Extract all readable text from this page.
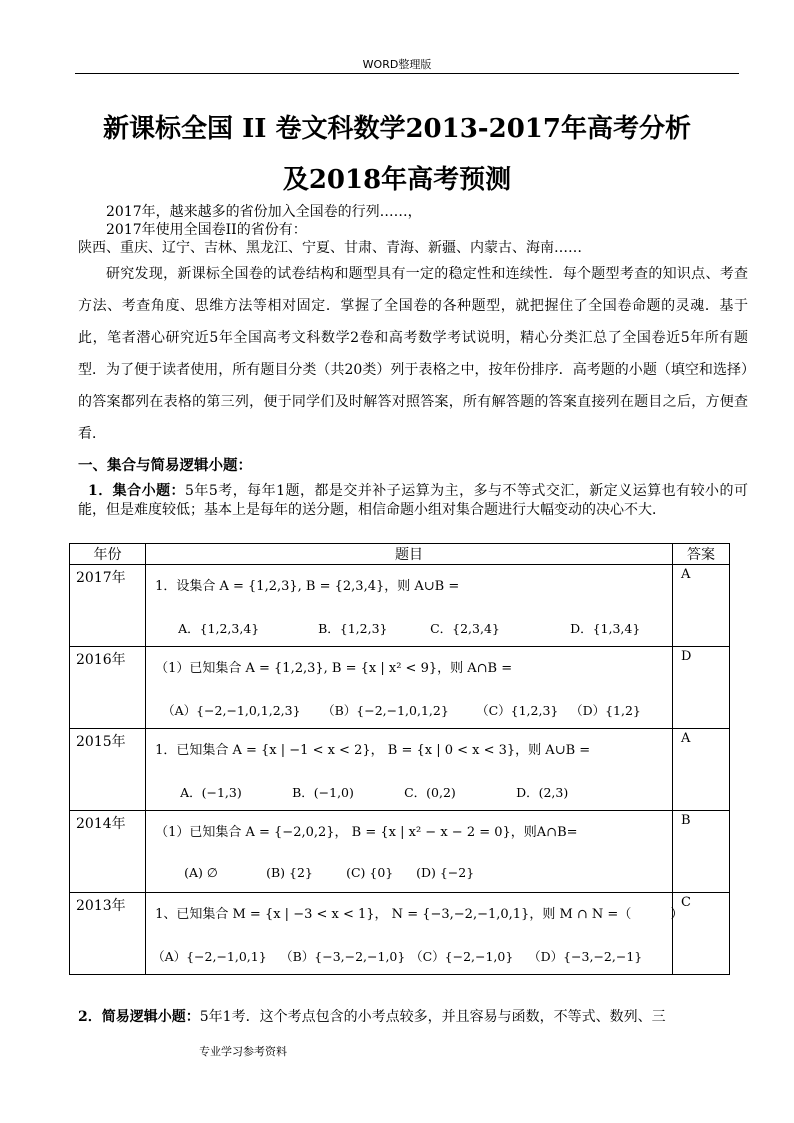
WORD整理版
新课标全国 II 卷文科数学2013-2017年高考分析
及2018年高考预测
2017年，越来越多的省份加入全国卷的行列……，
2017年使用全国卷II的省份有：
陕西、重庆、辽宁、吉林、黑龙江、宁夏、甘肃、青海、新疆、内蒙古、海南……
研究发现，新课标全国卷的试卷结构和题型具有一定的稳定性和连续性．每个题型考查的知识点、考查方法、考查角度、思维方法等相对固定．掌握了全国卷的各种题型，就把握住了全国卷命题的灵魂．基于此，笔者潜心研究近5年全国高考文科数学2卷和高考数学考试说明，精心分类汇总了全国卷近5年所有题型．为了便于读者使用，所有题目分类（共20类）列于表格之中，按年份排序．高考题的小题（填空和选择）的答案都列在表格的第三列，便于同学们及时解答对照答案，所有解答题的答案直接列在题目之后，方便查看．
一、集合与简易逻辑小题：
1．集合小题：5年5考，每年1题，都是交并补子运算为主，多与不等式交汇，新定义运算也有较小的可能，但是难度较低；基本上是每年的送分题，相信命题小组对集合题进行大幅变动的决心不大．
年份	题目	答案
2017年	1．设集合 A = {1,2,3}, B = {2,3,4}，则 A∪B =
A．{1,2,3,4} B．{1,2,3} C．{2,3,4} D．{1,3,4}	A
2016年	（1）已知集合 A = {1,2,3}, B = {x | x² < 9}，则 A∩B =
（A）{−2,−1,0,1,2,3} （B）{−2,−1,0,1,2} （C）{1,2,3} （D）{1,2}	D
2015年	1．已知集合 A = {x | −1 < x < 2}， B = {x | 0 < x < 3}，则 A∪B =
A．(−1,3) B．(−1,0) C．(0,2) D．(2,3)	A
2014年	（1）已知集合 A = {−2,0,2}， B = {x | x² − x − 2 = 0}，则A∩B=
(A) ∅ (B) {2} (C) {0} (D) {−2}	B
2013年	1、已知集合 M = {x | −3 < x < 1}， N = {−3,−2,−1,0,1}，则 M ∩ N =（　　　）
（A）{−2,−1,0,1} （B）{−3,−2,−1,0} （C）{−2,−1,0} （D）{−3,−2,−1}	C
2．简易逻辑小题：5年1考．这个考点包含的小考点较多，并且容易与函数，不等式、数列、三
专业学习参考资料
